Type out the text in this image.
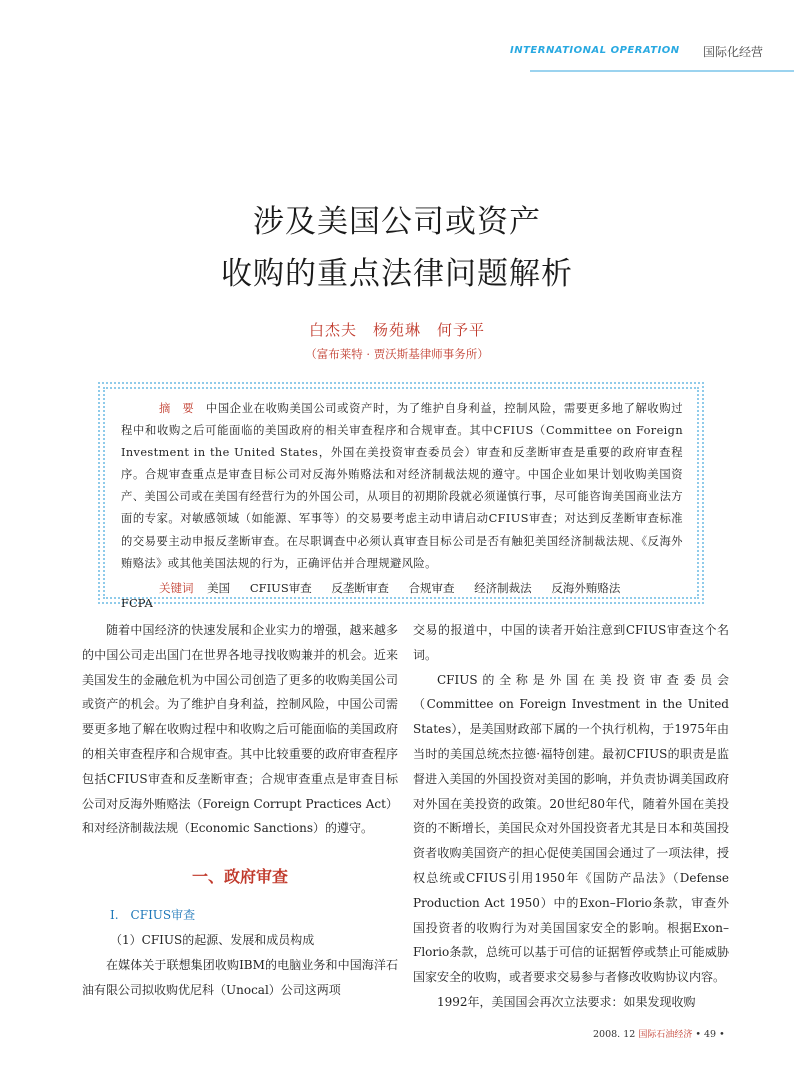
INTERNATIONAL OPERATION 国际化经营
涉及美国公司或资产
收购的重点法律问题解析
白杰夫　杨苑琳　何予平
（富布莱特 · 贾沃斯基律师事务所）
摘 要 中国企业在收购美国公司或资产时，为了维护自身利益，控制风险，需要更多地了解收购过程中和收购之后可能面临的美国政府的相关审查程序和合规审查。其中CFIUS（Committee on Foreign Investment in the United States，外国在美投资审查委员会）审查和反垄断审查是重要的政府审查程序。合规审查重点是审查目标公司对反海外贿赂法和对经济制裁法规的遵守。中国企业如果计划收购美国资产、美国公司或在美国有经营行为的外国公司，从项目的初期阶段就必须谨慎行事，尽可能咨询美国商业法方面的专家。对敏感领域（如能源、军事等）的交易要考虑主动申请启动CFIUS审查；对达到反垄断审查标准的交易要主动申报反垄断审查。在尽职调查中必须认真审查目标公司是否有触犯美国经济制裁法规、《反海外贿赂法》或其他美国法规的行为，正确评估并合理规避风险。
关键词 美国 CFIUS审查 反垄断审查 合规审查 经济制裁法 反海外贿赂法 FCPA

随着中国经济的快速发展和企业实力的增强，越来越多的中国公司走出国门在世界各地寻找收购兼并的机会。近来美国发生的金融危机为中国公司创造了更多的收购美国公司或资产的机会。为了维护自身利益，控制风险，中国公司需要更多地了解在收购过程中和收购之后可能面临的美国政府的相关审查程序和合规审查。其中比较重要的政府审查程序包括CFIUS审查和反垄断审查；合规审查重点是审查目标公司对反海外贿赂法（Foreign Corrupt Practices Act）和对经济制裁法规（Economic Sanctions）的遵守。

一、政府审查

I.　CFIUS审查

（1）CFIUS的起源、发展和成员构成

在媒体关于联想集团收购IBM的电脑业务和中国海洋石油有限公司拟收购优尼科（Unocal）公司这两项

交易的报道中，中国的读者开始注意到CFIUS审查这个名词。

CFIUS的全称是外国在美投资审查委员会（Committee on Foreign Investment in the United States），是美国财政部下属的一个执行机构，于1975年由当时的美国总统杰拉德·福特创建。最初CFIUS的职责是监督进入美国的外国投资对美国的影响，并负责协调美国政府对外国在美投资的政策。20世纪80年代，随着外国在美投资的不断增长，美国民众对外国投资者尤其是日本和英国投资者收购美国资产的担心促使美国国会通过了一项法律，授权总统或CFIUS引用1950年《国防产品法》（Defense Production Act 1950）中的Exon–Florio条款，审查外国投资者的收购行为对美国国家安全的影响。根据Exon–Florio条款，总统可以基于可信的证据暂停或禁止可能威胁国家安全的收购，或者要求交易参与者修改收购协议内容。

1992年，美国国会再次立法要求：如果发现收购

2008. 12 国际石油经济 • 49 •
